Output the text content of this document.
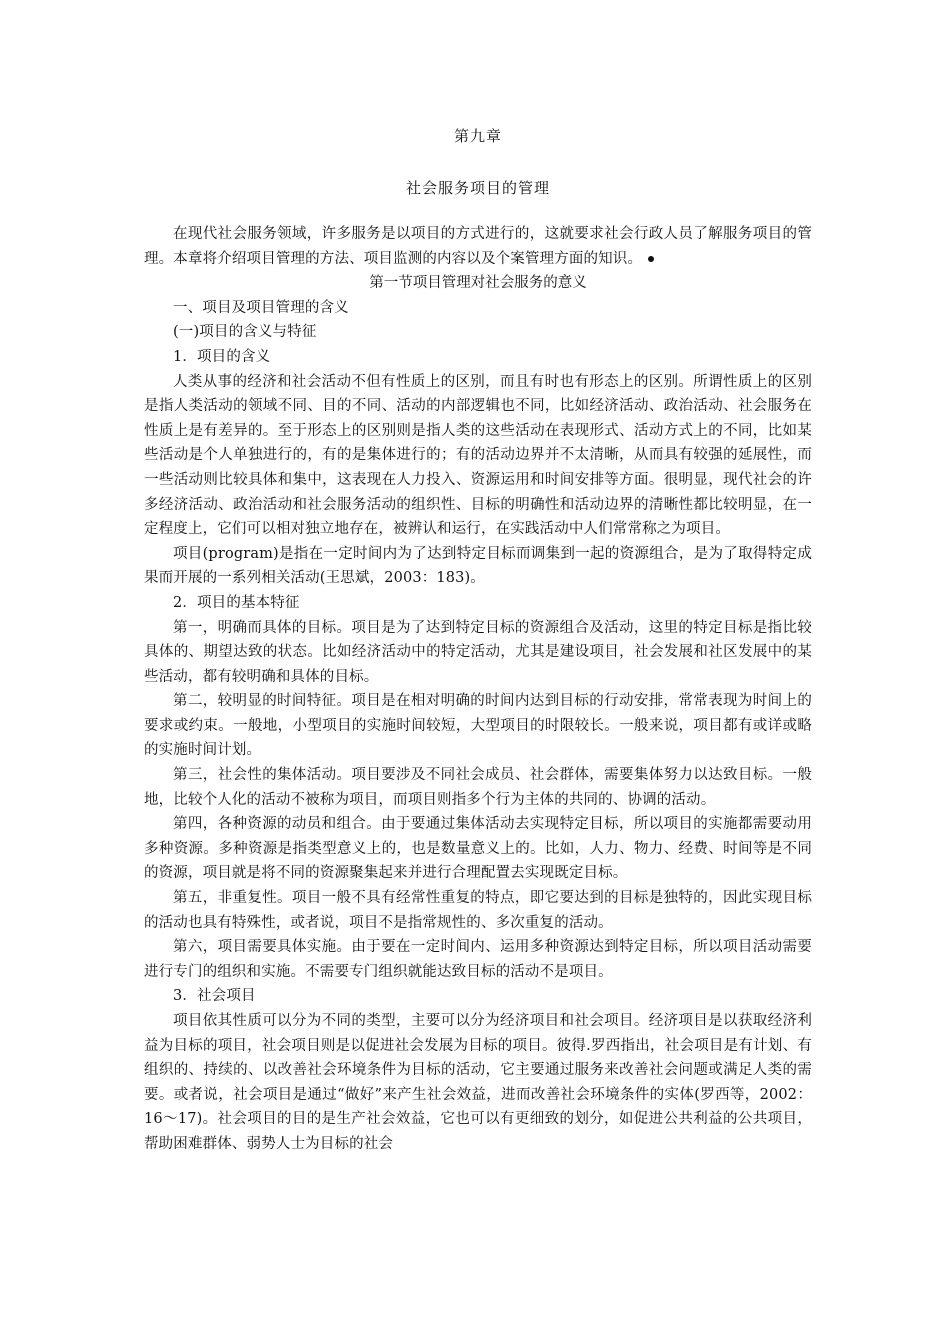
第九章
社会服务项目的管理

在现代社会服务领域，许多服务是以项目的方式进行的，这就要求社会行政人员了解服务项目的管理。本章将介绍项目管理的方法、项目监测的内容以及个案管理方面的知识。

第一节项目管理对社会服务的意义

一、项目及项目管理的含义

(一)项目的含义与特征

1．项目的含义

人类从事的经济和社会活动不但有性质上的区别，而且有时也有形态上的区别。所谓性质上的区别是指人类活动的领域不同、目的不同、活动的内部逻辑也不同，比如经济活动、政治活动、社会服务在性质上是有差异的。至于形态上的区别则是指人类的这些活动在表现形式、活动方式上的不同，比如某些活动是个人单独进行的，有的是集体进行的；有的活动边界并不太清晰，从而具有较强的延展性，而一些活动则比较具体和集中，这表现在人力投入、资源运用和时间安排等方面。很明显，现代社会的许多经济活动、政治活动和社会服务活动的组织性、目标的明确性和活动边界的清晰性都比较明显，在一定程度上，它们可以相对独立地存在，被辨认和运行，在实践活动中人们常常称之为项目。

项目(program)是指在一定时间内为了达到特定目标而调集到一起的资源组合，是为了取得特定成果而开展的一系列相关活动(王思斌，2003：183)。

2．项目的基本特征

第一，明确而具体的目标。项目是为了达到特定目标的资源组合及活动，这里的特定目标是指比较具体的、期望达致的状态。比如经济活动中的特定活动，尤其是建设项目，社会发展和社区发展中的某些活动，都有较明确和具体的目标。

第二，较明显的时间特征。项目是在相对明确的时间内达到目标的行动安排，常常表现为时间上的要求或约束。一般地，小型项目的实施时间较短，大型项目的时限较长。一般来说，项目都有或详或略的实施时间计划。

第三，社会性的集体活动。项目要涉及不同社会成员、社会群体，需要集体努力以达致目标。一般地，比较个人化的活动不被称为项目，而项目则指多个行为主体的共同的、协调的活动。

第四，各种资源的动员和组合。由于要通过集体活动去实现特定目标，所以项目的实施都需要动用多种资源。多种资源是指类型意义上的，也是数量意义上的。比如，人力、物力、经费、时间等是不同的资源，项目就是将不同的资源聚集起来并进行合理配置去实现既定目标。

第五，非重复性。项目一般不具有经常性重复的特点，即它要达到的目标是独特的，因此实现目标的活动也具有特殊性，或者说，项目不是指常规性的、多次重复的活动。

第六，项目需要具体实施。由于要在一定时间内、运用多种资源达到特定目标，所以项目活动需要进行专门的组织和实施。不需要专门组织就能达致目标的活动不是项目。

3．社会项目

项目依其性质可以分为不同的类型，主要可以分为经济项目和社会项目。经济项目是以获取经济利益为目标的项目，社会项目则是以促进社会发展为目标的项目。彼得.罗西指出，社会项目是有计划、有组织的、持续的、以改善社会环境条件为目标的活动，它主要通过服务来改善社会问题或满足人类的需要。或者说，社会项目是通过“做好”来产生社会效益，进而改善社会环境条件的实体(罗西等，2002：16～17)。社会项目的目的是生产社会效益，它也可以有更细致的划分，如促进公共利益的公共项目，帮助困难群体、弱势人士为目标的社会
